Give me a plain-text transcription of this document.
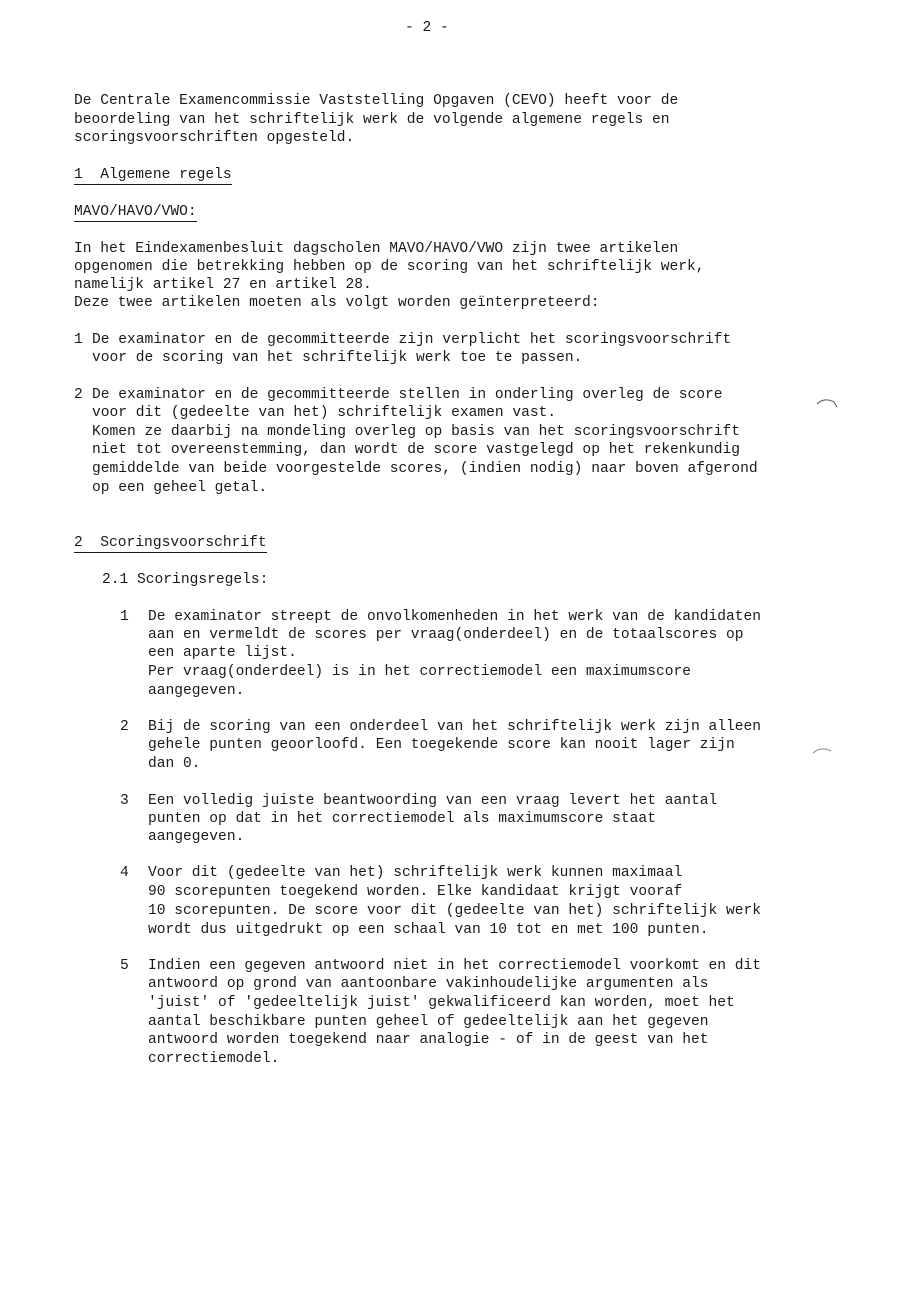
- 2 -
De Centrale Examencommissie Vaststelling Opgaven (CEVO) heeft voor de
beoordeling van het schriftelijk werk de volgende algemene regels en
scoringsvoorschriften opgesteld.
1  Algemene regels
MAVO/HAVO/VWO:
In het Eindexamenbesluit dagscholen MAVO/HAVO/VWO zijn twee artikelen
opgenomen die betrekking hebben op de scoring van het schriftelijk werk,
namelijk artikel 27 en artikel 28.
Deze twee artikelen moeten als volgt worden geïnterpreteerd:
1 De examinator en de gecommitteerde zijn verplicht het scoringsvoorschrift
voor de scoring van het schriftelijk werk toe te passen.
2 De examinator en de gecommitteerde stellen in onderling overleg de score
voor dit (gedeelte van het) schriftelijk examen vast.
Komen ze daarbij na mondeling overleg op basis van het scoringsvoorschrift
niet tot overeenstemming, dan wordt de score vastgelegd op het rekenkundig
gemiddelde van beide voorgestelde scores, (indien nodig) naar boven afgerond
op een geheel getal.
2  Scoringsvoorschrift
2.1 Scoringsregels:
1 De examinator streept de onvolkomenheden in het werk van de kandidaten
aan en vermeldt de scores per vraag(onderdeel) en de totaalscores op
een aparte lijst.
Per vraag(onderdeel) is in het correctiemodel een maximumscore
aangegeven.
2 Bij de scoring van een onderdeel van het schriftelijk werk zijn alleen
gehele punten geoorloofd. Een toegekende score kan nooit lager zijn
dan 0.
3 Een volledig juiste beantwoording van een vraag levert het aantal
punten op dat in het correctiemodel als maximumscore staat
aangegeven.
4 Voor dit (gedeelte van het) schriftelijk werk kunnen maximaal
90 scorepunten toegekend worden. Elke kandidaat krijgt vooraf
10 scorepunten. De score voor dit (gedeelte van het) schriftelijk werk
wordt dus uitgedrukt op een schaal van 10 tot en met 100 punten.
5 Indien een gegeven antwoord niet in het correctiemodel voorkomt en dit
antwoord op grond van aantoonbare vakinhoudelijke argumenten als
'juist' of 'gedeeltelijk juist' gekwalificeerd kan worden, moet het
aantal beschikbare punten geheel of gedeeltelijk aan het gegeven
antwoord worden toegekend naar analogie - of in de geest van het
correctiemodel.
